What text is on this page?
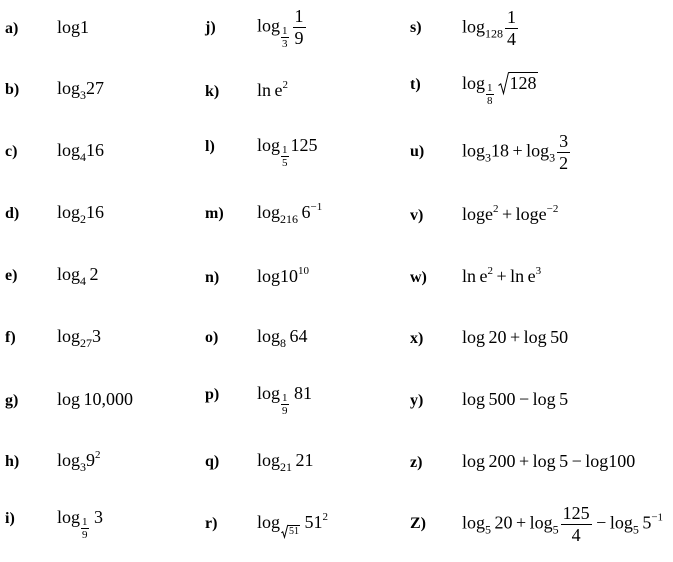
a)	log1
b)	$\log_327$
c)	$\log_416$
d)	$\log_216$
e)	$\log_4 2$
f)	$\log_{27}3$
g)	log 10,000
h)	$\log_39^2$
i)	$\log \frac{1}{9} 3$
j)	$\log \frac{1}{3} \frac{1}{9}$
k)	$\ln e^2$
l)	$\log \frac{1}{5} 125$
m)	$\log_{216} 6^{-1}$
n)	$\log 10^{10}$
o)	$\log_8 64$
p)	$\log \frac{1}{9} 81$
q)	$\log_{21} 21$
r)	log 51 $51^2$
s)	$\log_{128} \frac{1}{4}$
t)	$\log \frac{1}{8} 128$
u)	$\log_318 + \log_3 \frac{3}{2}$
v)	loge$^2$ + loge$^{-2}$
w)	$\ln e^2 + \ln e^3$
x)	log 20 + log 50
y)	log 500 − log 5
z)	log 200 + log 5 − log100
Z)	$\log_5 20 + \log_5 \frac{125}{4} - \log_5 5^{-1}$
